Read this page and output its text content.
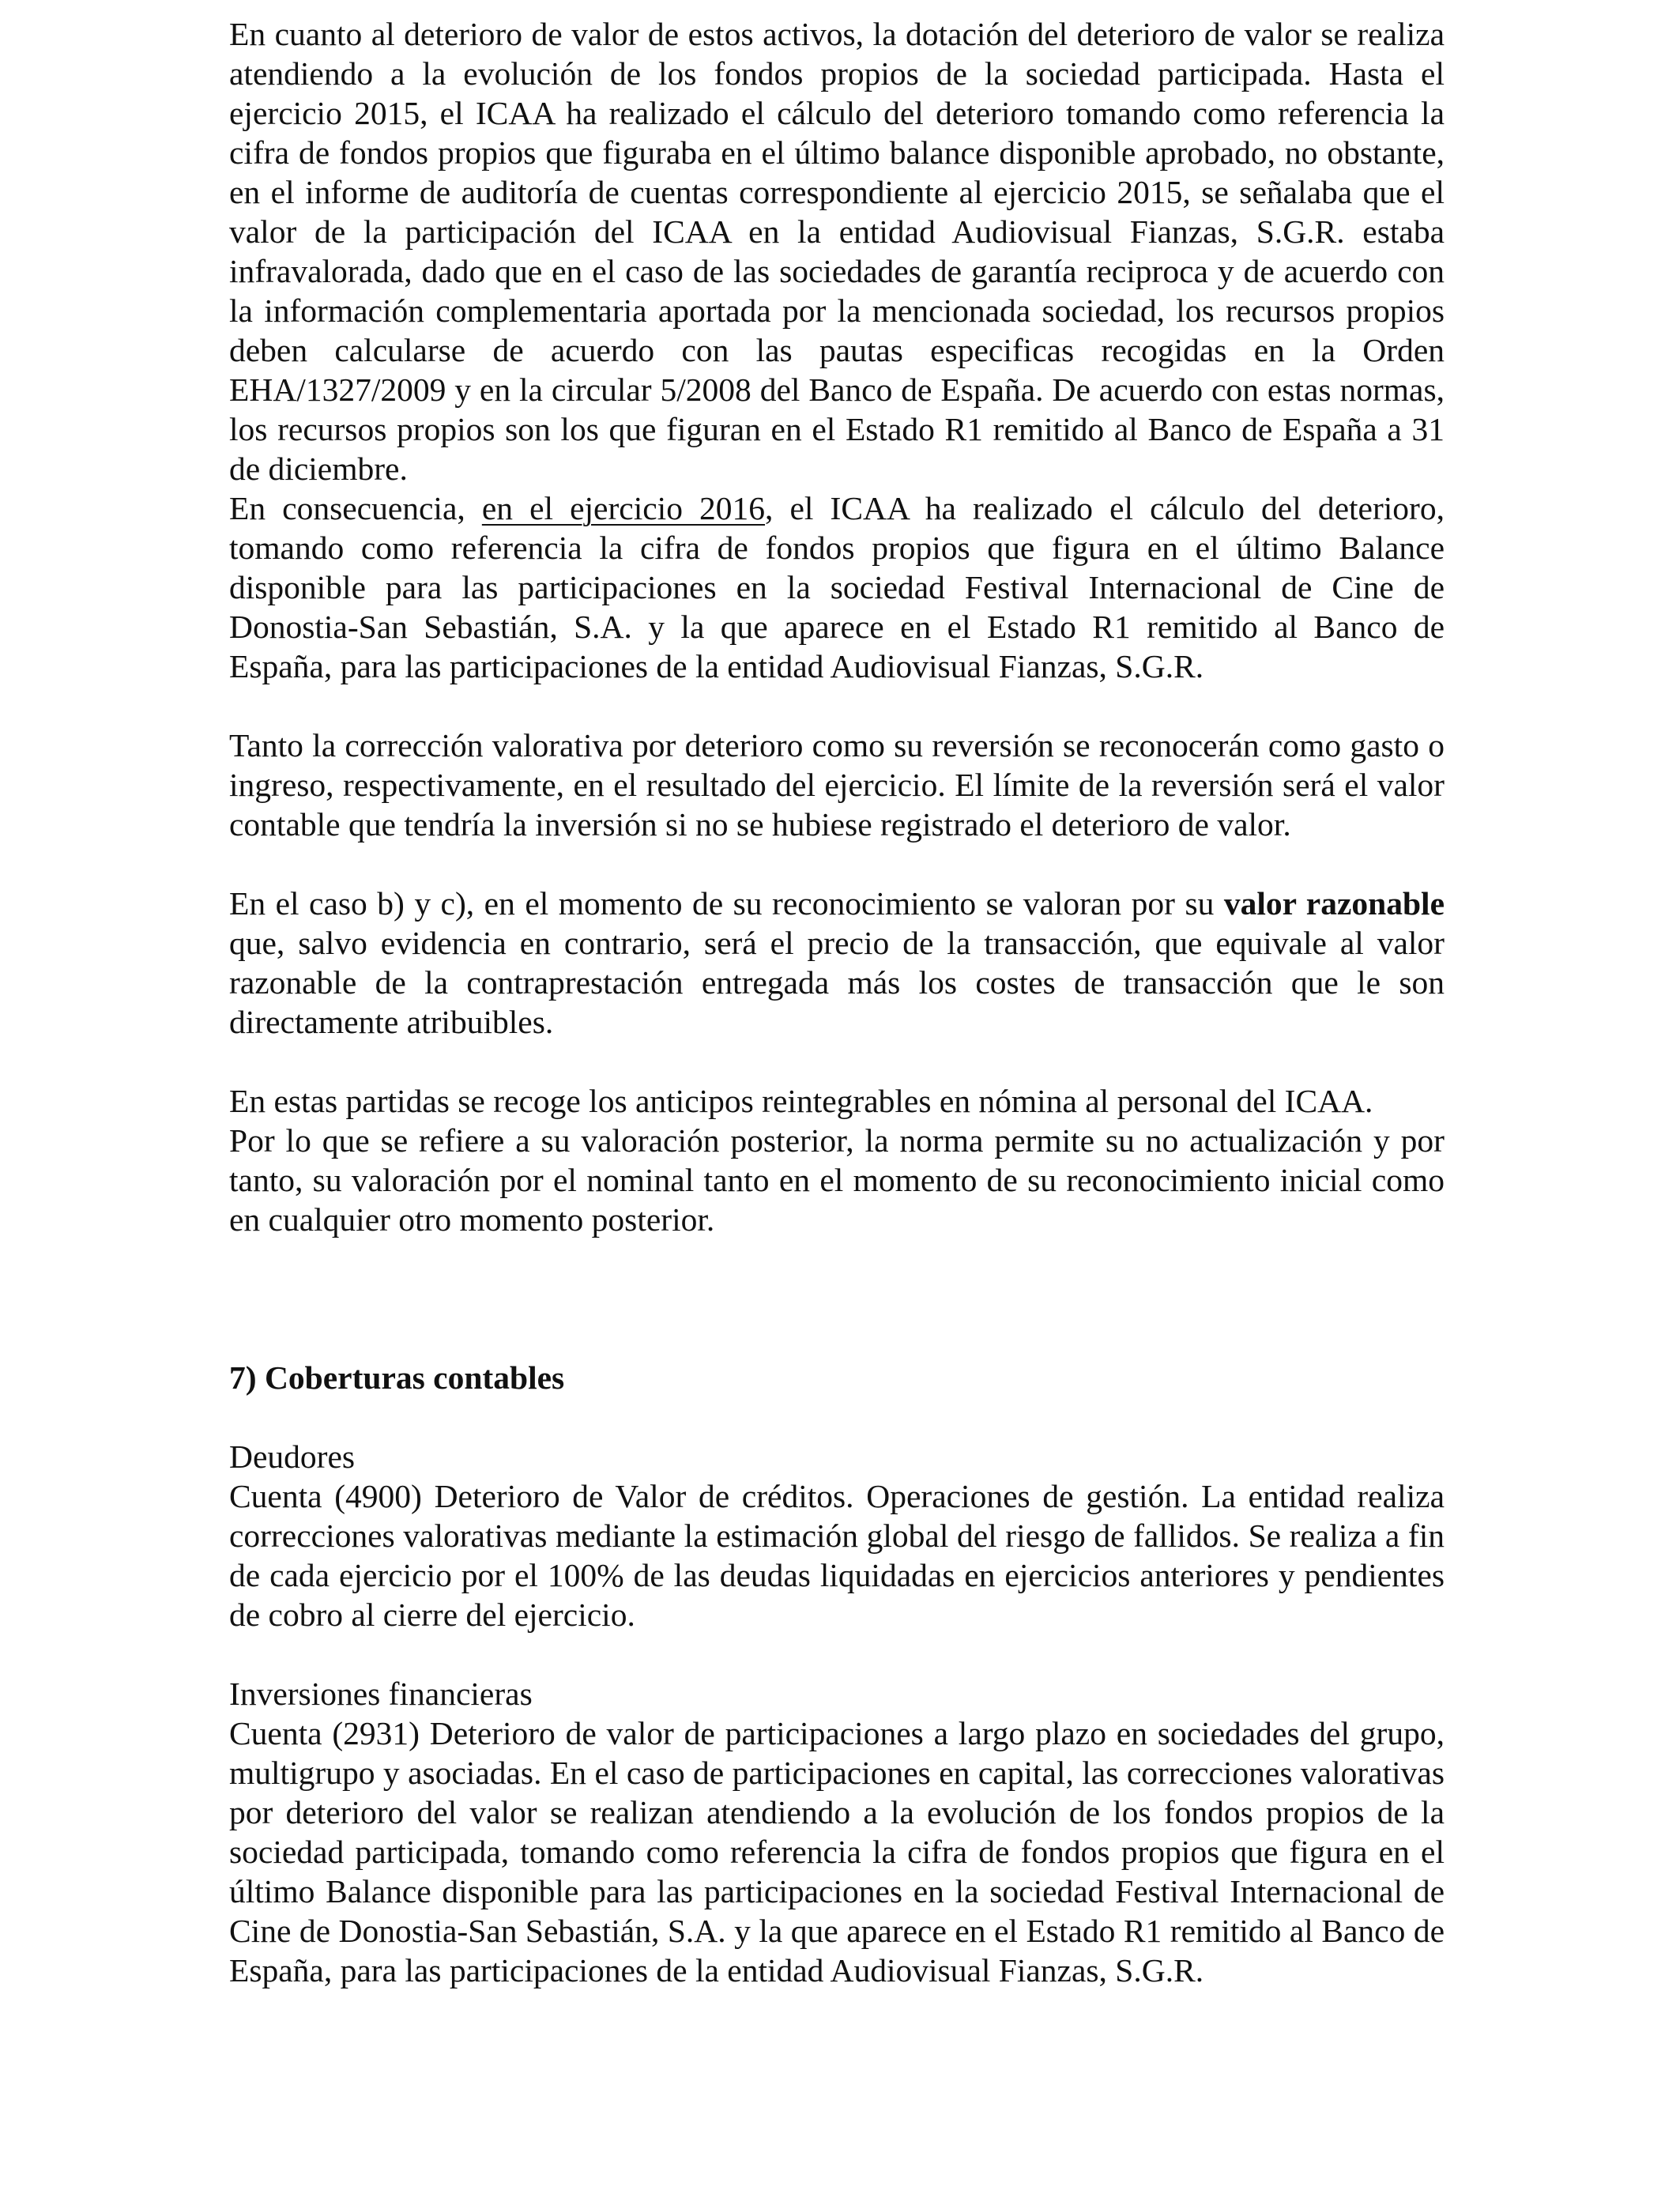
En cuanto al deterioro de valor de estos activos, la dotación del deterioro de valor se realiza atendiendo a la evolución de los fondos propios de la sociedad participada. Hasta el ejercicio 2015, el ICAA ha realizado el cálculo del deterioro tomando como referencia la cifra de fondos propios que figuraba en el último balance disponible aprobado, no obstante, en el informe de auditoría de cuentas correspondiente al ejercicio 2015, se señalaba que el valor de la participación del ICAA en la entidad Audiovisual Fianzas, S.G.R. estaba infravalorada, dado que en el caso de las sociedades de garantía reciproca y de acuerdo con la información complementaria aportada por la mencionada sociedad, los recursos propios deben calcularse de acuerdo con las pautas especificas recogidas en la Orden EHA/1327/2009 y en la circular 5/2008 del Banco de España. De acuerdo con estas normas, los recursos propios son los que figuran en el Estado R1 remitido al Banco de España a 31 de diciembre.

En consecuencia, en el ejercicio 2016, el ICAA ha realizado el cálculo del deterioro, tomando como referencia la cifra de fondos propios que figura en el último Balance disponible para las participaciones en la sociedad Festival Internacional de Cine de Donostia-San Sebastián, S.A. y la que aparece en el Estado R1 remitido al Banco de España, para las participaciones de la entidad Audiovisual Fianzas, S.G.R.

Tanto la corrección valorativa por deterioro como su reversión se reconocerán como gasto o ingreso, respectivamente, en el resultado del ejercicio. El límite de la reversión será el valor contable que tendría la inversión si no se hubiese registrado el deterioro de valor.

En el caso b) y c), en el momento de su reconocimiento se valoran por su valor razonable que, salvo evidencia en contrario, será el precio de la transacción, que equivale al valor razonable de la contraprestación entregada más los costes de transacción que le son directamente atribuibles.

En estas partidas se recoge los anticipos reintegrables en nómina al personal del ICAA.

Por lo que se refiere a su valoración posterior, la norma permite su no actualización y por tanto, su valoración por el nominal tanto en el momento de su reconocimiento inicial como en cualquier otro momento posterior.

7) Coberturas contables

Deudores

Cuenta (4900) Deterioro de Valor de créditos. Operaciones de gestión. La entidad realiza correcciones valorativas mediante la estimación global del riesgo de fallidos. Se realiza a fin de cada ejercicio por el 100% de las deudas liquidadas en ejercicios anteriores y pendientes de cobro al cierre del ejercicio.

Inversiones financieras

Cuenta (2931) Deterioro de valor de participaciones a largo plazo en sociedades del grupo, multigrupo y asociadas. En el caso de participaciones en capital, las correcciones valorativas por deterioro del valor se realizan atendiendo a la evolución de los fondos propios de la sociedad participada, tomando como referencia la cifra de fondos propios que figura en el último Balance disponible para las participaciones en la sociedad Festival Internacional de Cine de Donostia-San Sebastián, S.A. y la que aparece en el Estado R1 remitido al Banco de España, para las participaciones de la entidad Audiovisual Fianzas, S.G.R.
